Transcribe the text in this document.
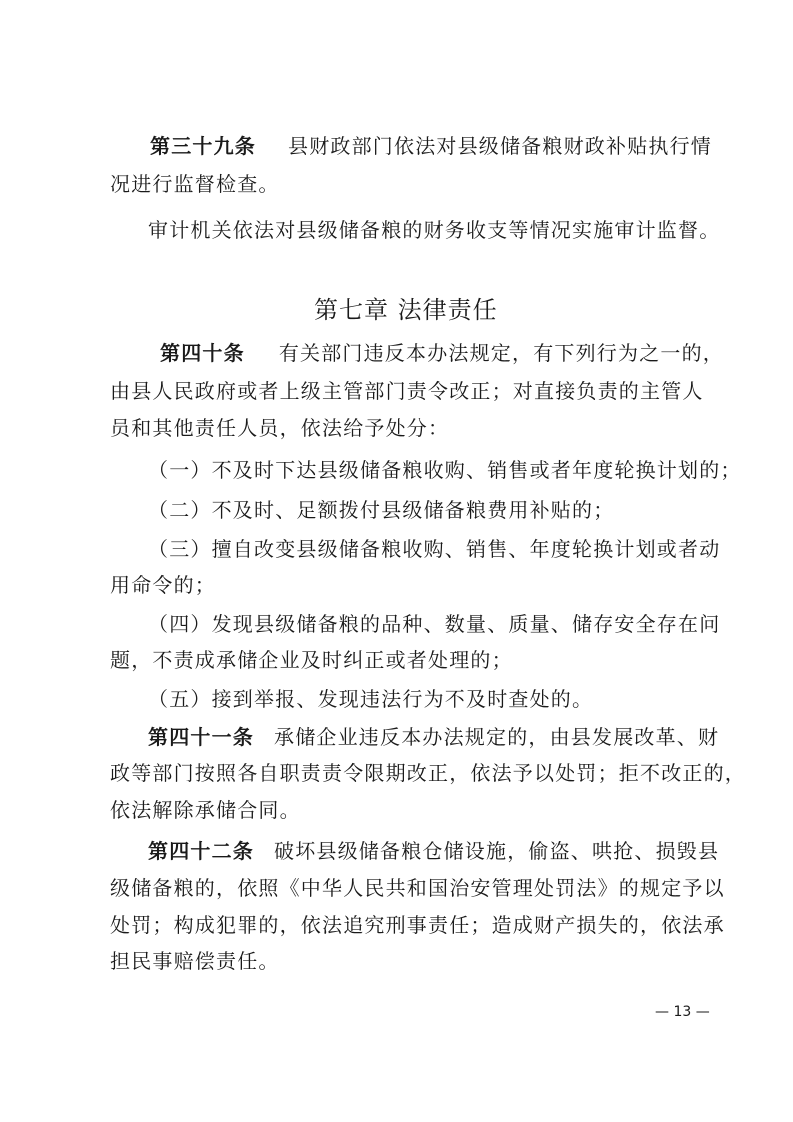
第三十九条 县财政部门依法对县级储备粮财政补贴执行情
况进行监督检查。
审计机关依法对县级储备粮的财务收支等情况实施审计监督。
第七章 法律责任
第四十条 有关部门违反本办法规定，有下列行为之一的，
由县人民政府或者上级主管部门责令改正；对直接负责的主管人
员和其他责任人员，依法给予处分：
（一）不及时下达县级储备粮收购、销售或者年度轮换计划的；
（二）不及时、足额拨付县级储备粮费用补贴的；
（三）擅自改变县级储备粮收购、销售、年度轮换计划或者动
用命令的；
（四）发现县级储备粮的品种、数量、质量、储存安全存在问
题，不责成承储企业及时纠正或者处理的；
（五）接到举报、发现违法行为不及时查处的。
第四十一条 承储企业违反本办法规定的，由县发展改革、财
政等部门按照各自职责责令限期改正，依法予以处罚；拒不改正的，
依法解除承储合同。
第四十二条 破坏县级储备粮仓储设施，偷盗、哄抢、损毁县
级储备粮的，依照《中华人民共和国治安管理处罚法》的规定予以
处罚；构成犯罪的，依法追究刑事责任；造成财产损失的，依法承
担民事赔偿责任。
— 13 —
